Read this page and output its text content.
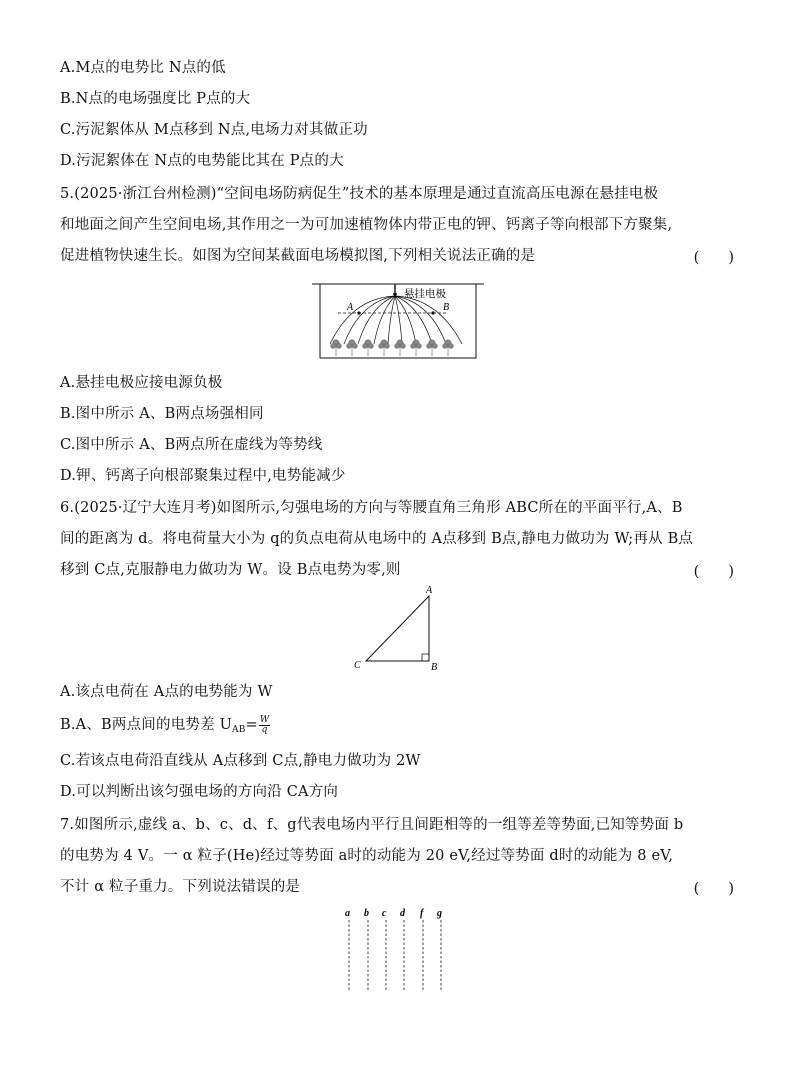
A.M点的电势比 N点的低
B.N点的电场强度比 P点的大
C.污泥絮体从 M点移到 N点,电场力对其做正功
D.污泥絮体在 N点的电势能比其在 P点的大
5.(2025·浙江台州检测)“空间电场防病促生”技术的基本原理是通过直流高压电源在悬挂电极
和地面之间产生空间电场,其作用之一为可加速植物体内带正电的钾、钙离子等向根部下方聚集,
促进植物快速生长。如图为空间某截面电场模拟图,下列相关说法正确的是	(　　)
A	B
悬挂电极
A.悬挂电极应接电源负极
B.图中所示 A、B两点场强相同
C.图中所示 A、B两点所在虚线为等势线
D.钾、钙离子向根部聚集过程中,电势能减少
6.(2025·辽宁大连月考)如图所示,匀强电场的方向与等腰直角三角形 ABC所在的平面平行,A、B
间的距离为 d。将电荷量大小为 q的负点电荷从电场中的 A点移到 B点,静电力做功为 W;再从 B点
移到 C点,克服静电力做功为 W。设 B点电势为零,则	(　　)
A
B
C
A.该点电荷在 A点的电势能为 W
B.A、B两点间的电势差 $U_{AB}= \frac{W}{q}$
C.若该点电荷沿直线从 A点移到 C点,静电力做功为 2W
D.可以判断出该匀强电场的方向沿 CA方向
7.如图所示,虚线 a、b、c、d、f、g代表电场内平行且间距相等的一组等差等势面,已知等势面 b
的电势为 4 V。一 α 粒子(He)经过等势面 a时的动能为 20 eV,经过等势面 d时的动能为 8 eV,
不计 α 粒子重力。下列说法错误的是	(　　)
a b c d f g
